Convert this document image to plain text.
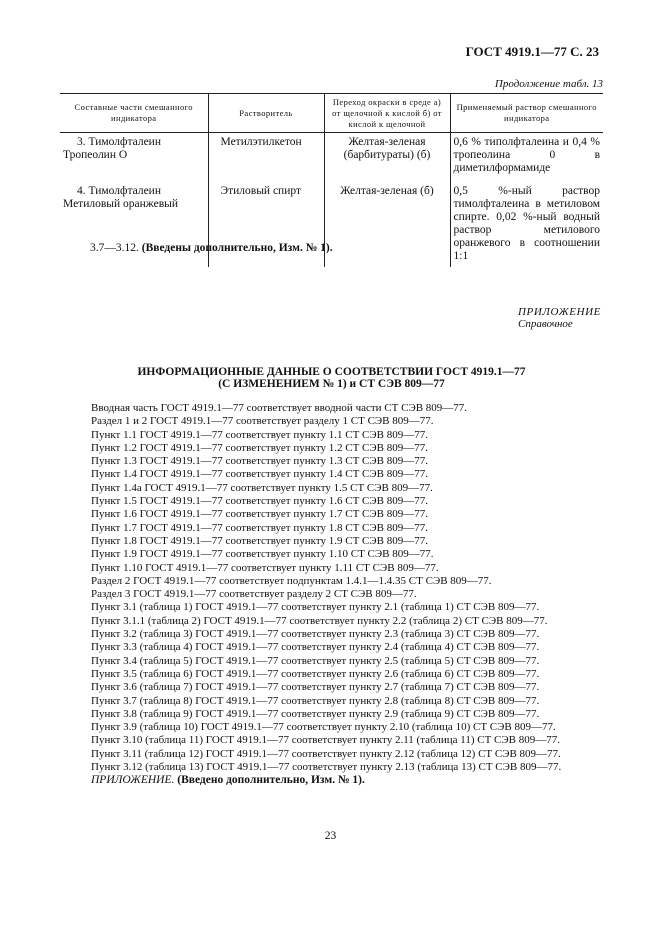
ГОСТ 4919.1—77 С. 23
Продолжение табл. 13
Составные части смешанного индикатора	Растворитель	Переход окраски в среде а) от щелочной к кислой б) от кислой к щелочной	Применяемый раствор смешанного индикатора
3. Тимолфталеин Тропеолин О	Метилэтилкетон	Желтая-зеленая (барбитураты) (б)	0,6 % типолфталеина и 0,4 % тропеолина 0 в диметилформамиде
4. Тимолфталеин Метиловый оранжевый	Этиловый спирт	Желтая-зеленая (б)	0,5 %-ный раствор тимолфталеина в метиловом спирте. 0,02 %-ный водный раствор метилового оранжевого в соотношении 1:1
3.7—3.12. (Введены дополнительно, Изм. № 1).
ПРИЛОЖЕНИЕ
Справочное
ИНФОРМАЦИОННЫЕ ДАННЫЕ О СООТВЕТСТВИИ ГОСТ 4919.1—77
(С ИЗМЕНЕНИЕМ № 1) и СТ СЭВ 809—77
Вводная часть ГОСТ 4919.1—77 соответствует вводной части СТ СЭВ 809—77.
Раздел 1 и 2 ГОСТ 4919.1—77 соответствует разделу 1 СТ СЭВ 809—77.
Пункт 1.1 ГОСТ 4919.1—77 соответствует пункту 1.1 СТ СЭВ 809—77.
Пункт 1.2 ГОСТ 4919.1—77 соответствует пункту 1.2 СТ СЭВ 809—77.
Пункт 1.3 ГОСТ 4919.1—77 соответствует пункту 1.3 СТ СЭВ 809—77.
Пункт 1.4 ГОСТ 4919.1—77 соответствует пункту 1.4 СТ СЭВ 809—77.
Пункт 1.4а ГОСТ 4919.1—77 соответствует пункту 1.5 СТ СЭВ 809—77.
Пункт 1.5 ГОСТ 4919.1—77 соответствует пункту 1.6 СТ СЭВ 809—77.
Пункт 1.6 ГОСТ 4919.1—77 соответствует пункту 1.7 СТ СЭВ 809—77.
Пункт 1.7 ГОСТ 4919.1—77 соответствует пункту 1.8 СТ СЭВ 809—77.
Пункт 1.8 ГОСТ 4919.1—77 соответствует пункту 1.9 СТ СЭВ 809—77.
Пункт 1.9 ГОСТ 4919.1—77 соответствует пункту 1.10 СТ СЭВ 809—77.
Пункт 1.10 ГОСТ 4919.1—77 соответствует пункту 1.11 СТ СЭВ 809—77.
Раздел 2 ГОСТ 4919.1—77 соответствует подпунктам 1.4.1—1.4.35 СТ СЭВ 809—77.
Раздел 3 ГОСТ 4919.1—77 соответствует разделу 2 СТ СЭВ 809—77.
Пункт 3.1 (таблица 1) ГОСТ 4919.1—77 соответствует пункту 2.1 (таблица 1) СТ СЭВ 809—77.
Пункт 3.1.1 (таблица 2) ГОСТ 4919.1—77 соответствует пункту 2.2 (таблица 2) СТ СЭВ 809—77.
Пункт 3.2 (таблица 3) ГОСТ 4919.1—77 соответствует пункту 2.3 (таблица 3) СТ СЭВ 809—77.
Пункт 3.3 (таблица 4) ГОСТ 4919.1—77 соответствует пункту 2.4 (таблица 4) СТ СЭВ 809—77.
Пункт 3.4 (таблица 5) ГОСТ 4919.1—77 соответствует пункту 2.5 (таблица 5) СТ СЭВ 809—77.
Пункт 3.5 (таблица 6) ГОСТ 4919.1—77 соответствует пункту 2.6 (таблица 6) СТ СЭВ 809—77.
Пункт 3.6 (таблица 7) ГОСТ 4919.1—77 соответствует пункту 2.7 (таблица 7) СТ СЭВ 809—77.
Пункт 3.7 (таблица 8) ГОСТ 4919.1—77 соответствует пункту 2.8 (таблица 8) СТ СЭВ 809—77.
Пункт 3.8 (таблица 9) ГОСТ 4919.1—77 соответствует пункту 2.9 (таблица 9) СТ СЭВ 809—77.
Пункт 3.9 (таблица 10) ГОСТ 4919.1—77 соответствует пункту 2.10 (таблица 10) СТ СЭВ 809—77.
Пункт 3.10 (таблица 11) ГОСТ 4919.1—77 соответствует пункту 2.11 (таблица 11) СТ СЭВ 809—77.
Пункт 3.11 (таблица 12) ГОСТ 4919.1—77 соответствует пункту 2.12 (таблица 12) СТ СЭВ 809—77.
Пункт 3.12 (таблица 13) ГОСТ 4919.1—77 соответствует пункту 2.13 (таблица 13) СТ СЭВ 809—77.
ПРИЛОЖЕНИЕ. (Введено дополнительно, Изм. № 1).
23
